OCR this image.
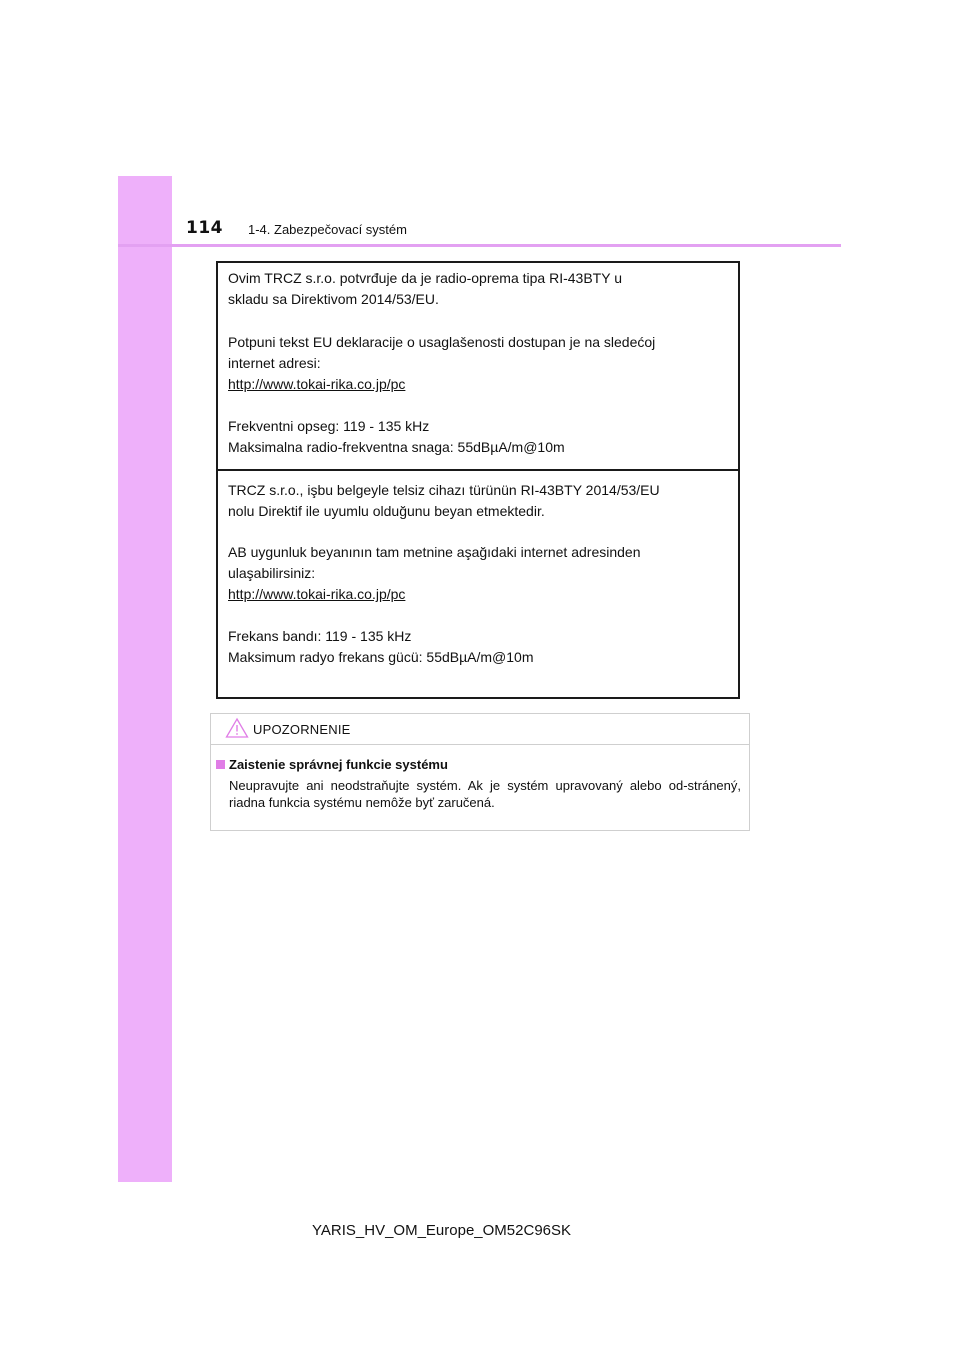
114 1-4. Zabezpečovací systém
Ovim TRCZ s.r.o. potvrđuje da je radio-oprema tipa RI-43BTY u
skladu sa Direktivom 2014/53/EU.
Potpuni tekst EU deklaracije o usaglašenosti dostupan je na sledećoj
internet adresi:
http://www.tokai-rika.co.jp/pc
Frekventni opseg: 119 - 135 kHz
Maksimalna radio-frekventna snaga: 55dBµA/m@10m
TRCZ s.r.o., işbu belgeyle telsiz cihazı türünün RI-43BTY 2014/53/EU
nolu Direktif ile uyumlu olduğunu beyan etmektedir.
AB uygunluk beyanının tam metnine aşağıdaki internet adresinden
ulaşabilirsiniz:
http://www.tokai-rika.co.jp/pc
Frekans bandı: 119 - 135 kHz
Maksimum radyo frekans gücü: 55dBµA/m@10m
UPOZORNENIE
Zaistenie správnej funkcie systému
Neupravujte ani neodstraňujte systém. Ak je systém upravovaný alebo od-stránený, riadna funkcia systému nemôže byť zaručená.
YARIS_HV_OM_Europe_OM52C96SK
